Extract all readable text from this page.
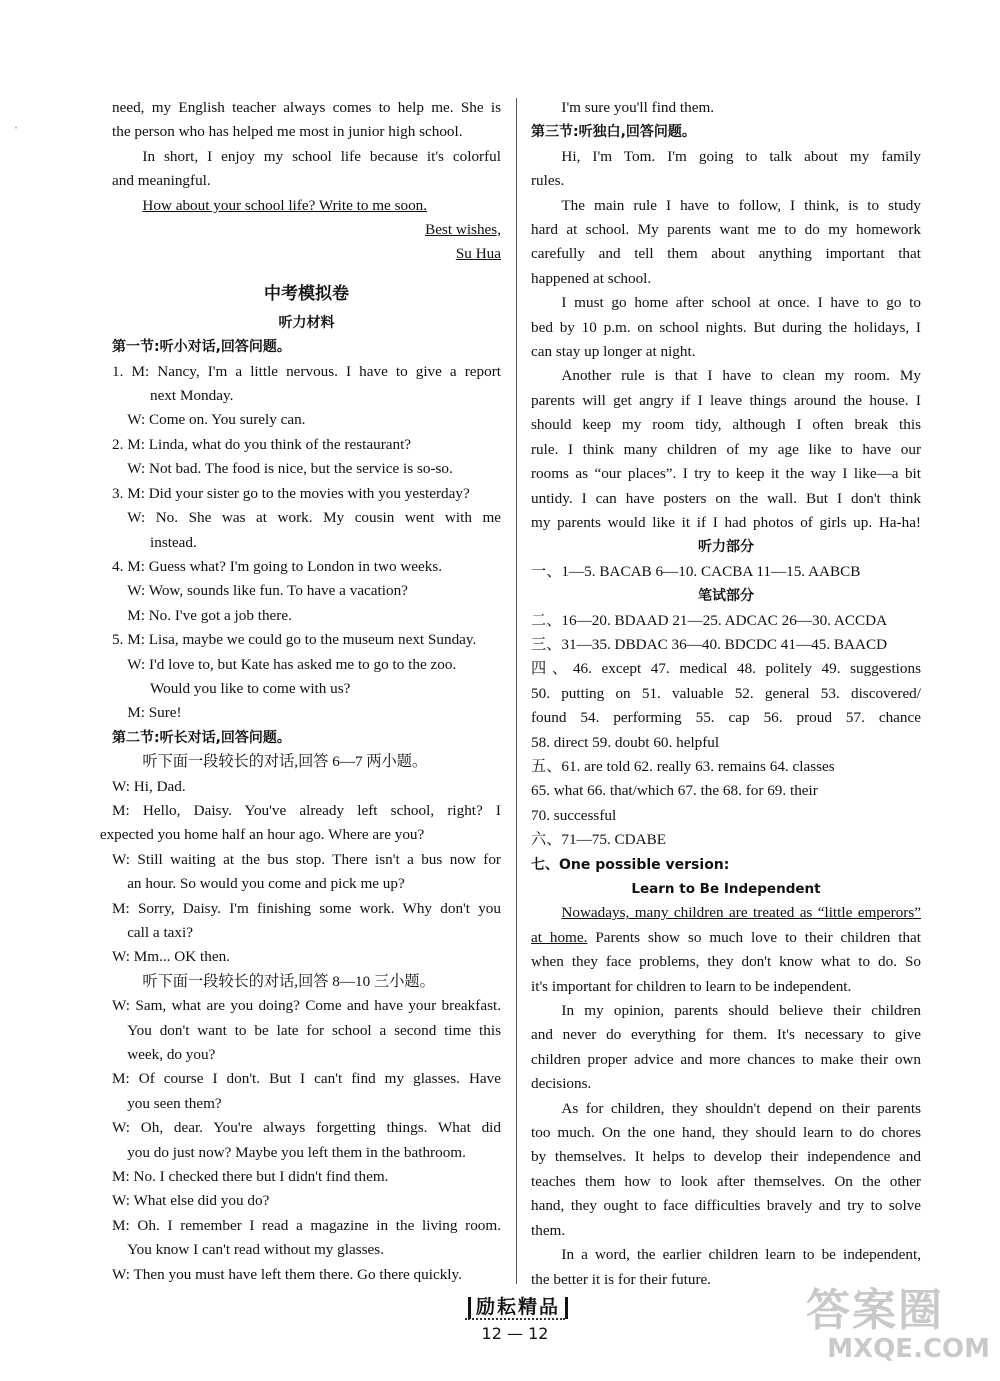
ˈ

need, my English teacher always comes to help me. She is

the person who has helped me most in junior high school.

In short, I enjoy my school life because it's colorful

and meaningful.

How about your school life? Write to me soon.

Best wishes,

Su Hua

中考模拟卷
听力材料
第一节:听小对话,回答问题。

1. M: Nancy, I'm a little nervous. I have to give a report

next Monday.

W: Come on. You surely can.

2. M: Linda, what do you think of the restaurant?

W: Not bad. The food is nice, but the service is so-so.

3. M: Did your sister go to the movies with you yesterday?

W: No. She was at work. My cousin went with me

instead.

4. M: Guess what? I'm going to London in two weeks.

W: Wow, sounds like fun. To have a vacation?

M: No. I've got a job there.

5. M: Lisa, maybe we could go to the museum next Sunday.

W: I'd love to, but Kate has asked me to go to the zoo.

Would you like to come with us?

M: Sure!

第二节:听长对话,回答问题。

听下面一段较长的对话,回答 6—7 两小题。

W: Hi, Dad.

M: Hello, Daisy. You've already left school, right? I

expected you home half an hour ago. Where are you?

W: Still waiting at the bus stop. There isn't a bus now for

an hour. So would you come and pick me up?

M: Sorry, Daisy. I'm finishing some work. Why don't you

call a taxi?

W: Mm... OK then.

听下面一段较长的对话,回答 8—10 三小题。

W: Sam, what are you doing? Come and have your breakfast.

You don't want to be late for school a second time this

week, do you?

M: Of course I don't. But I can't find my glasses. Have

you seen them?

W: Oh, dear. You're always forgetting things. What did

you do just now? Maybe you left them in the bathroom.

M: No. I checked there but I didn't find them.

W: What else did you do?

M: Oh. I remember I read a magazine in the living room.

You know I can't read without my glasses.

W: Then you must have left them there. Go there quickly.

I'm sure you'll find them.

第三节:听独白,回答问题。

Hi, I'm Tom. I'm going to talk about my family

rules.

The main rule I have to follow, I think, is to study

hard at school. My parents want me to do my homework

carefully and tell them about anything important that

happened at school.

I must go home after school at once. I have to go to

bed by 10 p.m. on school nights. But during the holidays, I

can stay up longer at night.

Another rule is that I have to clean my room. My

parents will get angry if I leave things around the house. I

should keep my room tidy, although I often break this

rule. I think many children of my age like to have our

rooms as “our places”. I try to keep it the way I like—a bit

untidy. I can have posters on the wall. But I don't think

my parents would like it if I had photos of girls up. Ha-ha!

听力部分

一、1—5. BACAB 6—10. CACBA 11—15. AABCB

笔试部分

二、16—20. BDAAD 21—25. ADCAC 26—30. ACCDA

三、31—35. DBDAC 36—40. BDCDC 41—45. BAACD

四、46. except 47. medical 48. politely 49. suggestions

50. putting on 51. valuable 52. general 53. discovered/

found 54. performing 55. cap 56. proud 57. chance

58. direct 59. doubt 60. helpful

五、61. are told 62. really 63. remains 64. classes

65. what 66. that/which 67. the 68. for 69. their

70. successful

六、71—75. CDABE

七、One possible version:

Learn to Be Independent

Nowadays, many children are treated as “little emperors”

at home. Parents show so much love to their children that

when they face problems, they don't know what to do. So

it's important for children to learn to be independent.

In my opinion, parents should believe their children

and never do everything for them. It's necessary to give

children proper advice and more chances to make their own

decisions.

As for children, they shouldn't depend on their parents

too much. On the one hand, they should learn to do chores

by themselves. It helps to develop their independence and

teaches them how to look after themselves. On the other

hand, they ought to face difficulties bravely and try to solve

them.

In a word, the earlier children learn to be independent,

the better it is for their future.

励耘精品
12 — 12	答案圈
MXQE.COM
